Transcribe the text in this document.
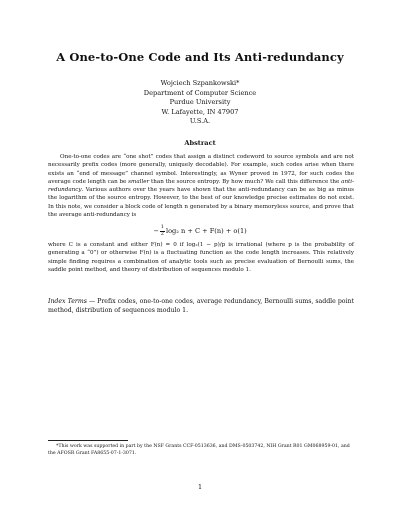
A One-to-One Code and Its Anti-redundancy
Wojciech Szpankowski*
Department of Computer Science
Purdue University
W. Lafayette, IN 47907
U.S.A.
Abstract
One-to-one codes are “one shot” codes that assign a distinct codeword to source symbols and are not necessarily prefix codes (more generally, uniquely decodable). For example, such codes arise when there exists an “end of message” channel symbol. Interestingly, as Wyner proved in 1972, for such codes the average code length can be smaller than the source entropy. By how much? We call this difference the anti-redundancy. Various authors over the years have shown that the anti-redundancy can be as big as minus the logarithm of the source entropy. However, to the best of our knowledge precise estimates do not exist. In this note, we consider a block code of length n generated by a binary memoryless source, and prove that the average anti-redundancy is
− $\frac{1}{2} \log_2$ n + C + F(n) + o(1)
where C is a constant and either F(n) = 0 if log₂(1 − p)/p is irrational (where p is the probability of generating a “0”) or otherwise F(n) is a fluctuating function as the code length increases. This relatively simple finding requires a combination of analytic tools such as precise evaluation of Bernoulli sums, the saddle point method, and theory of distribution of sequences modulo 1.
Index Terms — Prefix codes, one-to-one codes, average redundancy, Bernoulli sums, saddle point method, distribution of sequences modulo 1.
*This work was supported in part by the NSF Grants CCF-0513636, and DMS-0503742, NIH Grant R01 GM068959-01, and the AFOSR Grant FA8655-07-1-3071.
1
